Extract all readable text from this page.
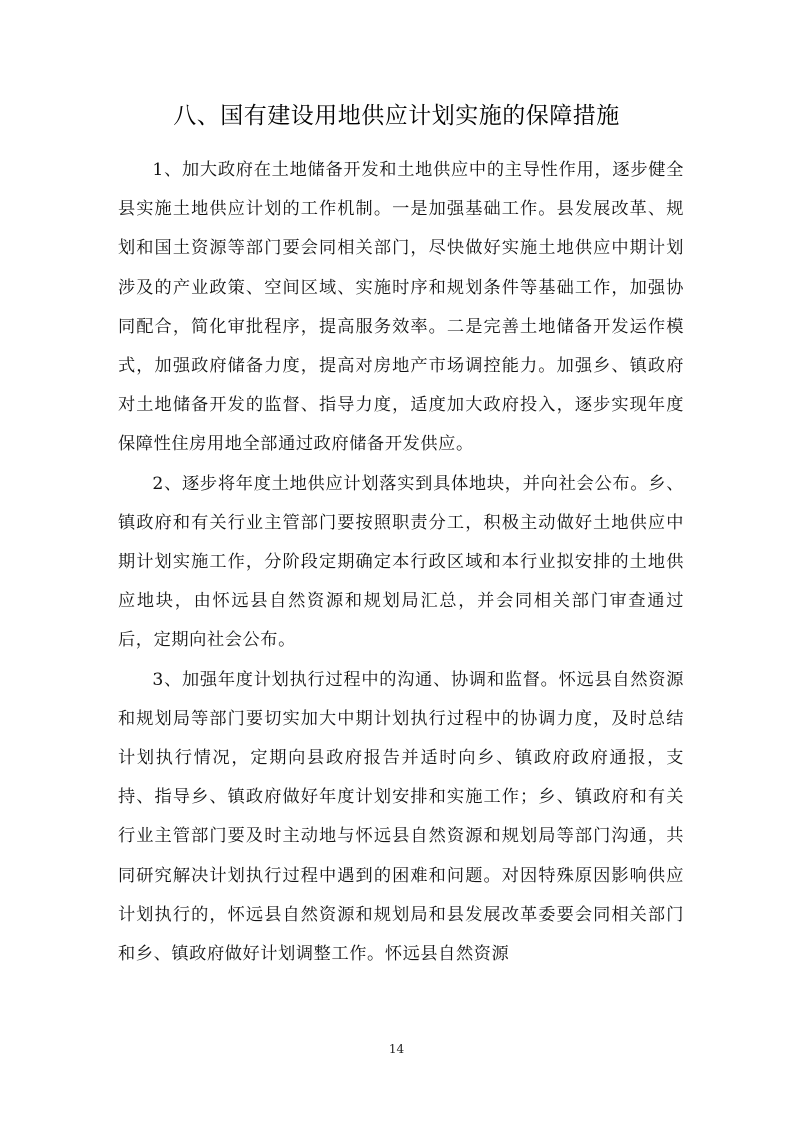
八、国有建设用地供应计划实施的保障措施

1、加大政府在土地储备开发和土地供应中的主导性作用，逐步健全县实施土地供应计划的工作机制。一是加强基础工作。县发展改革、规划和国土资源等部门要会同相关部门，尽快做好实施土地供应中期计划涉及的产业政策、空间区域、实施时序和规划条件等基础工作，加强协同配合，简化审批程序，提高服务效率。二是完善土地储备开发运作模式，加强政府储备力度，提高对房地产市场调控能力。加强乡、镇政府对土地储备开发的监督、指导力度，适度加大政府投入，逐步实现年度保障性住房用地全部通过政府储备开发供应。

2、逐步将年度土地供应计划落实到具体地块，并向社会公布。乡、镇政府和有关行业主管部门要按照职责分工，积极主动做好土地供应中期计划实施工作，分阶段定期确定本行政区域和本行业拟安排的土地供应地块，由怀远县自然资源和规划局汇总，并会同相关部门审查通过后，定期向社会公布。

3、加强年度计划执行过程中的沟通、协调和监督。怀远县自然资源和规划局等部门要切实加大中期计划执行过程中的协调力度，及时总结计划执行情况，定期向县政府报告并适时向乡、镇政府政府通报，支持、指导乡、镇政府做好年度计划安排和实施工作；乡、镇政府和有关行业主管部门要及时主动地与怀远县自然资源和规划局等部门沟通，共同研究解决计划执行过程中遇到的困难和问题。对因特殊原因影响供应计划执行的，怀远县自然资源和规划局和县发展改革委要会同相关部门和乡、镇政府做好计划调整工作。怀远县自然资源

14
